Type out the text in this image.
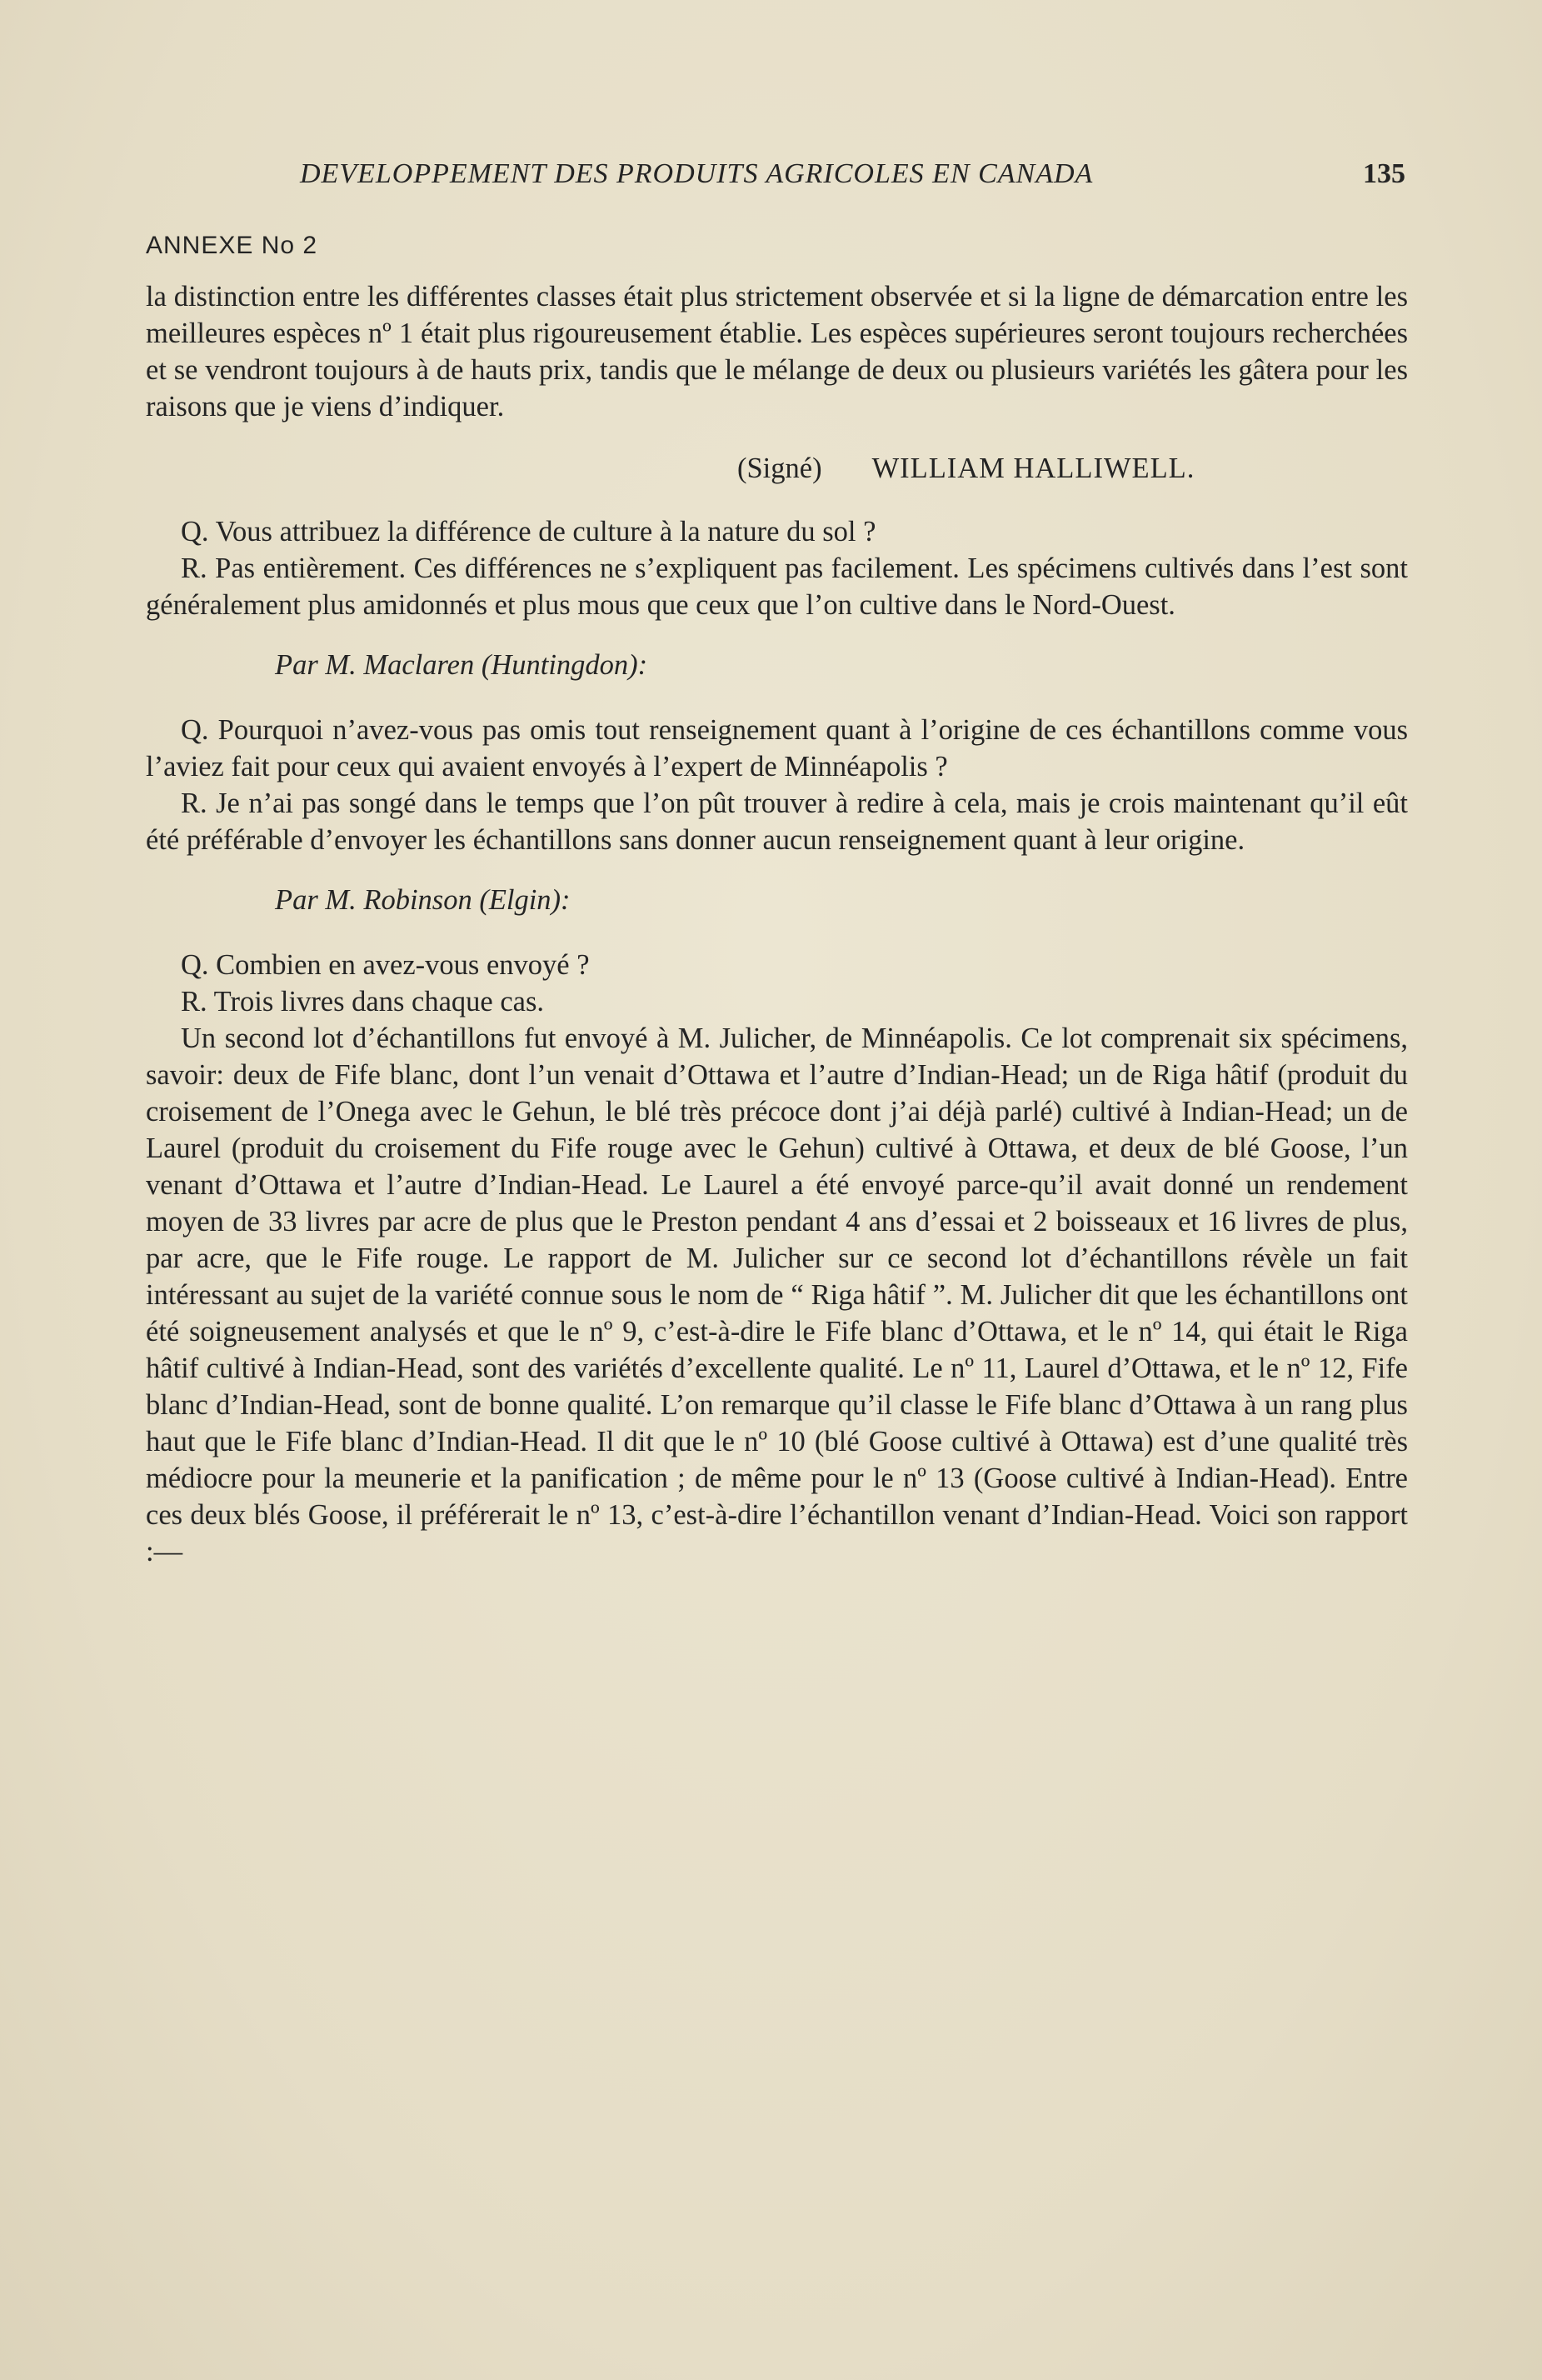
DEVELOPPEMENT DES PRODUITS AGRICOLES EN CANADA	135
ANNEXE No 2

la distinction entre les différentes classes était plus strictement observée et si la ligne de démarcation entre les meilleures espèces nº 1 était plus rigoureusement établie. Les espèces supérieures seront toujours recherchées et se vendront toujours à de hauts prix, tandis que le mélange de deux ou plusieurs variétés les gâtera pour les raisons que je viens d’indiquer.

(Signé) WILLIAM HALLIWELL.

Q. Vous attribuez la différence de culture à la nature du sol ?

R. Pas entièrement. Ces différences ne s’expliquent pas facilement. Les spécimens cultivés dans l’est sont généralement plus amidonnés et plus mous que ceux que l’on cultive dans le Nord-Ouest.

Par M. Maclaren (Huntingdon):

Q. Pourquoi n’avez-vous pas omis tout renseignement quant à l’origine de ces échantillons comme vous l’aviez fait pour ceux qui avaient envoyés à l’expert de Minnéapolis ?

R. Je n’ai pas songé dans le temps que l’on pût trouver à redire à cela, mais je crois maintenant qu’il eût été préférable d’envoyer les échantillons sans donner aucun renseignement quant à leur origine.

Par M. Robinson (Elgin):

Q. Combien en avez-vous envoyé ?

R. Trois livres dans chaque cas.

Un second lot d’échantillons fut envoyé à M. Julicher, de Minnéapolis. Ce lot comprenait six spécimens, savoir: deux de Fife blanc, dont l’un venait d’Ottawa et l’autre d’Indian-Head; un de Riga hâtif (produit du croisement de l’Onega avec le Gehun, le blé très précoce dont j’ai déjà parlé) cultivé à Indian-Head; un de Laurel (produit du croisement du Fife rouge avec le Gehun) cultivé à Ottawa, et deux de blé Goose, l’un venant d’Ottawa et l’autre d’Indian-Head. Le Laurel a été envoyé parce-qu’il avait donné un rendement moyen de 33 livres par acre de plus que le Preston pendant 4 ans d’essai et 2 boisseaux et 16 livres de plus, par acre, que le Fife rouge. Le rapport de M. Julicher sur ce second lot d’échantillons révèle un fait intéressant au sujet de la variété connue sous le nom de “ Riga hâtif ”. M. Julicher dit que les échantillons ont été soigneusement analysés et que le nº 9, c’est-à-dire le Fife blanc d’Ottawa, et le nº 14, qui était le Riga hâtif cultivé à Indian-Head, sont des variétés d’excellente qualité. Le nº 11, Laurel d’Ottawa, et le nº 12, Fife blanc d’Indian-Head, sont de bonne qualité. L’on remarque qu’il classe le Fife blanc d’Ottawa à un rang plus haut que le Fife blanc d’Indian-Head. Il dit que le nº 10 (blé Goose cultivé à Ottawa) est d’une qualité très médiocre pour la meunerie et la panification ; de même pour le nº 13 (Goose cultivé à Indian-Head). Entre ces deux blés Goose, il préférerait le nº 13, c’est-à-dire l’échantillon venant d’Indian-Head. Voici son rapport :—
